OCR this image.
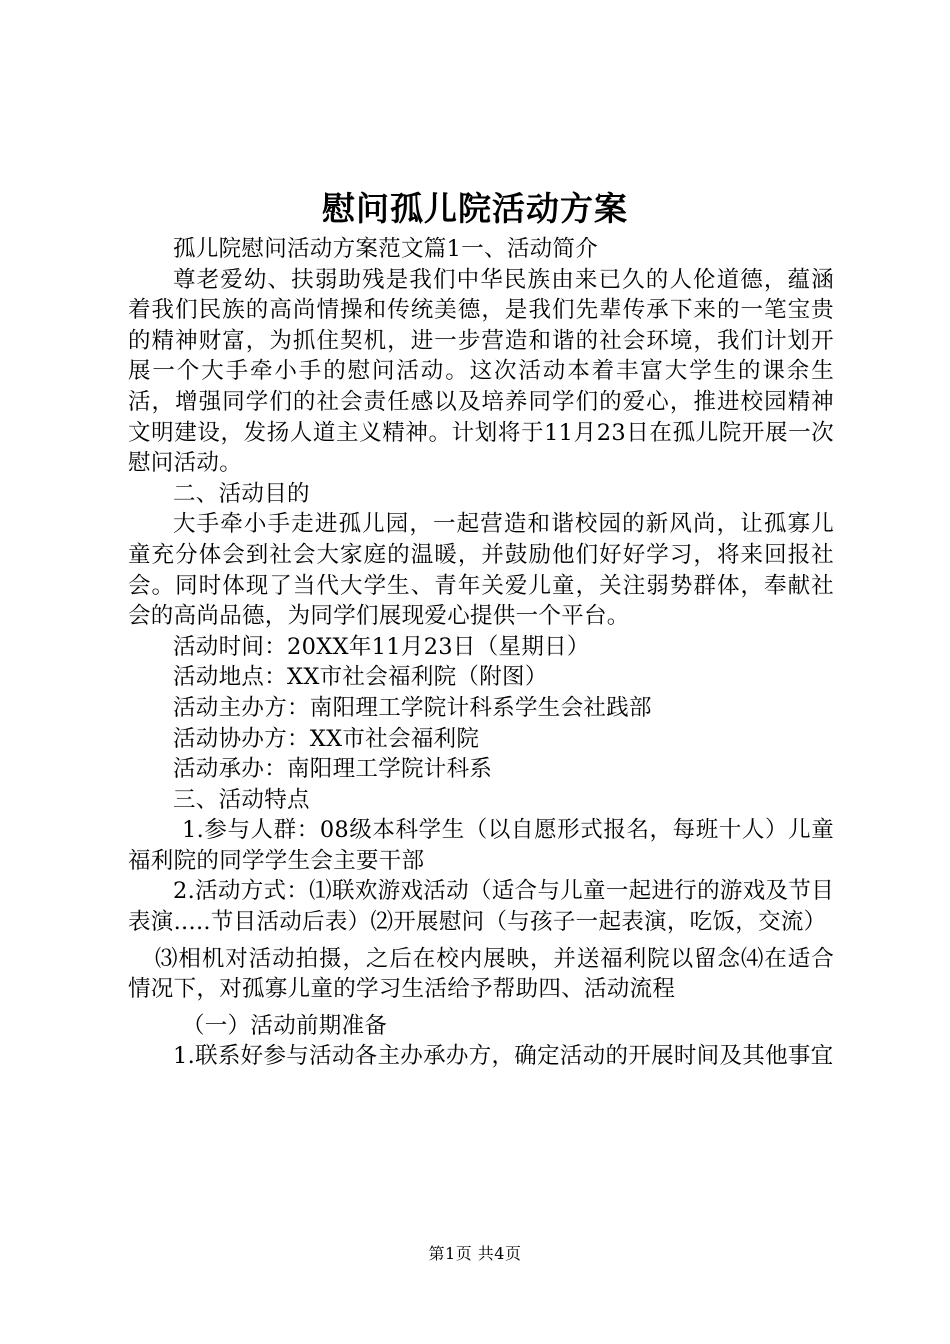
慰问孤儿院活动方案

孤儿院慰问活动方案范文篇1一、活动简介

尊老爱幼、扶弱助残是我们中华民族由来已久的人伦道德，蕴涵着我们民族的高尚情操和传统美德，是我们先辈传承下来的一笔宝贵的精神财富，为抓住契机，进一步营造和谐的社会环境，我们计划开展一个大手牵小手的慰问活动。这次活动本着丰富大学生的课余生活，增强同学们的社会责任感以及培养同学们的爱心，推进校园精神文明建设，发扬人道主义精神。计划将于11月23日在孤儿院开展一次慰问活动。

二、活动目的

大手牵小手走进孤儿园，一起营造和谐校园的新风尚，让孤寡儿童充分体会到社会大家庭的温暖，并鼓励他们好好学习，将来回报社会。同时体现了当代大学生、青年关爱儿童，关注弱势群体，奉献社会的高尚品德，为同学们展现爱心提供一个平台。

活动时间：20XX年11月23日（星期日）

活动地点：XX市社会福利院（附图）

活动主办方：南阳理工学院计科系学生会社践部

活动协办方：XX市社会福利院

活动承办：南阳理工学院计科系

三、活动特点

1.参与人群：08级本科学生（以自愿形式报名，每班十人）儿童福利院的同学学生会主要干部

2.活动方式：⑴联欢游戏活动（适合与儿童一起进行的游戏及节目表演.....节目活动后表）⑵开展慰问（与孩子一起表演，吃饭，交流）

⑶相机对活动拍摄，之后在校内展映，并送福利院以留念⑷在适合情况下，对孤寡儿童的学习生活给予帮助四、活动流程

（一）活动前期准备

1.联系好参与活动各主办承办方，确定活动的开展时间及其他事宜

第1页 共4页
